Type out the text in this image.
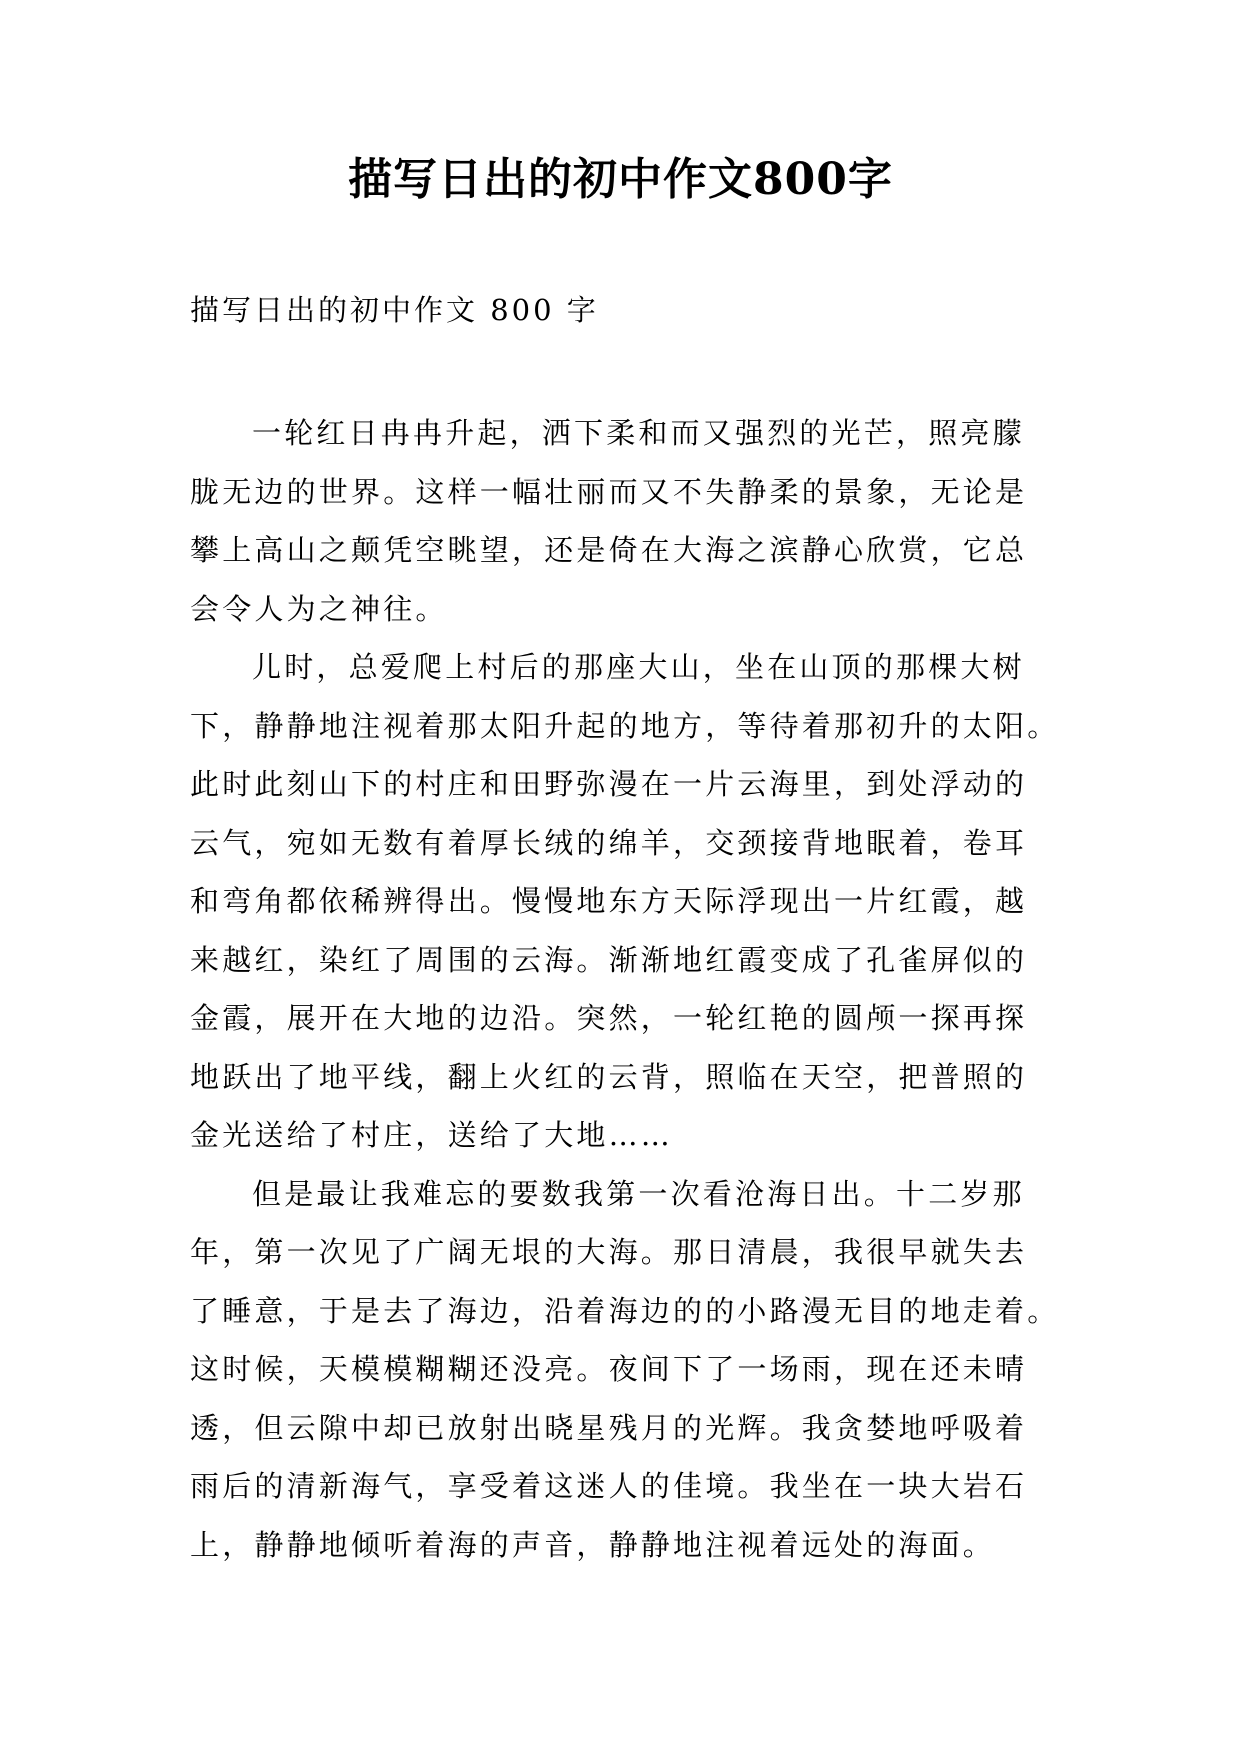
描写日出的初中作文800字
描写日出的初中作文 800 字

一轮红日冉冉升起，洒下柔和而又强烈的光芒，照亮朦
胧无边的世界。这样一幅壮丽而又不失静柔的景象，无论是
攀上高山之颠凭空眺望，还是倚在大海之滨静心欣赏，它总
会令人为之神往。

儿时，总爱爬上村后的那座大山，坐在山顶的那棵大树
下，静静地注视着那太阳升起的地方，等待着那初升的太阳。
此时此刻山下的村庄和田野弥漫在一片云海里，到处浮动的
云气，宛如无数有着厚长绒的绵羊，交颈接背地眠着，卷耳
和弯角都依稀辨得出。慢慢地东方天际浮现出一片红霞，越
来越红，染红了周围的云海。渐渐地红霞变成了孔雀屏似的
金霞，展开在大地的边沿。突然，一轮红艳的圆颅一探再探
地跃出了地平线，翻上火红的云背，照临在天空，把普照的
金光送给了村庄，送给了大地……

但是最让我难忘的要数我第一次看沧海日出。十二岁那
年，第一次见了广阔无垠的大海。那日清晨，我很早就失去
了睡意，于是去了海边，沿着海边的的小路漫无目的地走着。
这时候，天模模糊糊还没亮。夜间下了一场雨，现在还未晴
透，但云隙中却已放射出晓星残月的光辉。我贪婪地呼吸着
雨后的清新海气，享受着这迷人的佳境。我坐在一块大岩石
上，静静地倾听着海的声音，静静地注视着远处的海面。
